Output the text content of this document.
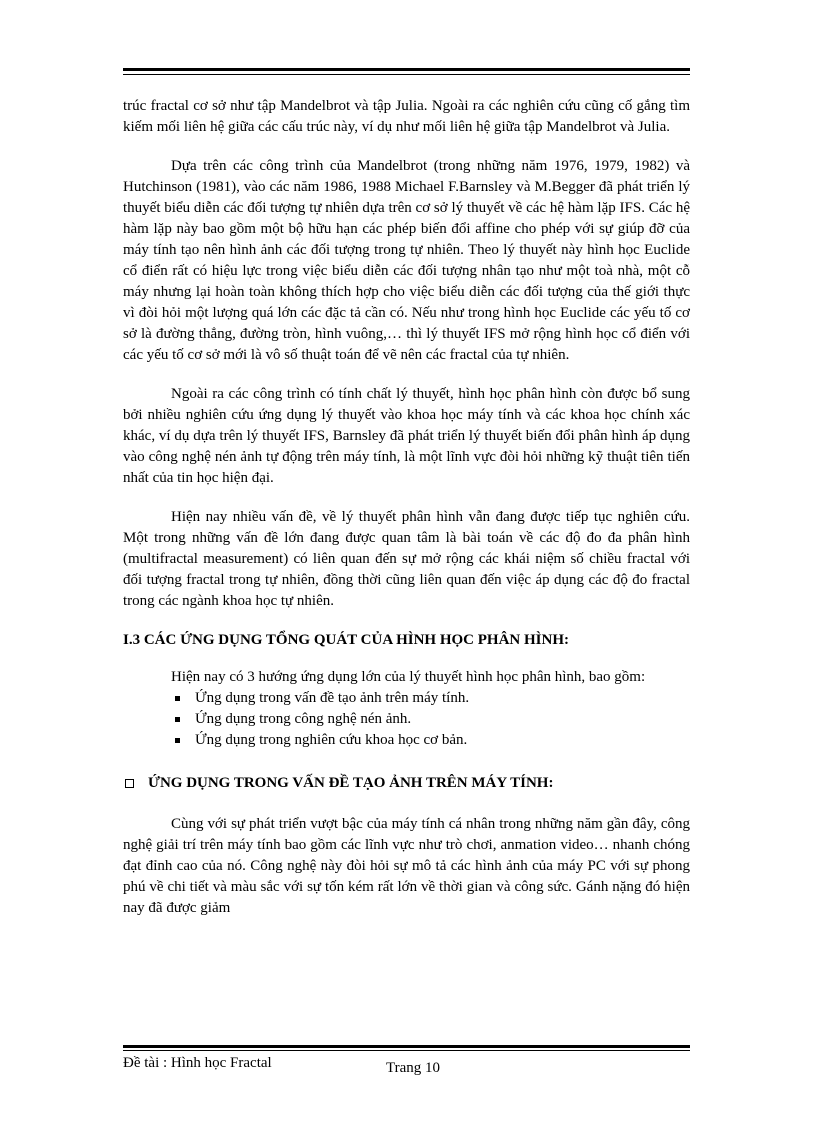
trúc fractal cơ sở như tập Mandelbrot và tập Julia. Ngoài ra các nghiên cứu cũng cố gắng tìm kiếm mối liên hệ giữa các cấu trúc này, ví dụ như mối liên hệ giữa tập Mandelbrot và Julia.

Dựa trên các công trình của Mandelbrot (trong những năm 1976, 1979, 1982) và Hutchinson (1981), vào các năm 1986, 1988 Michael F.Barnsley và M.Begger đã phát triển lý thuyết biểu diễn các đối tượng tự nhiên dựa trên cơ sở lý thuyết về các hệ hàm lặp IFS. Các hệ hàm lặp này bao gồm một bộ hữu hạn các phép biến đổi affine cho phép với sự giúp đỡ của máy tính tạo nên hình ảnh các đối tượng trong tự nhiên. Theo lý thuyết này hình học Euclide cổ điển rất có hiệu lực trong việc biểu diễn các đối tượng nhân tạo như một toà nhà, một cỗ máy nhưng lại hoàn toàn không thích hợp cho việc biểu diễn các đối tượng của thế giới thực vì đòi hỏi một lượng quá lớn các đặc tả cần có. Nếu như trong hình học Euclide các yếu tố cơ sở là đường thẳng, đường tròn, hình vuông,… thì lý thuyết IFS mở rộng hình học cổ điển với các yếu tố cơ sở mới là vô số thuật toán để vẽ nên các fractal của tự nhiên.

Ngoài ra các công trình có tính chất lý thuyết, hình học phân hình còn được bổ sung bởi nhiều nghiên cứu ứng dụng lý thuyết vào khoa học máy tính và các khoa học chính xác khác, ví dụ dựa trên lý thuyết IFS, Barnsley đã phát triển lý thuyết biến đổi phân hình áp dụng vào công nghệ nén ảnh tự động trên máy tính, là một lĩnh vực đòi hỏi những kỹ thuật tiên tiến nhất của tin học hiện đại.

Hiện nay nhiều vấn đề, về lý thuyết phân hình vẫn đang được tiếp tục nghiên cứu. Một trong những vấn đề lớn đang được quan tâm là bài toán về các độ đo đa phân hình (multifractal measurement) có liên quan đến sự mở rộng các khái niệm số chiều fractal với đối tượng fractal trong tự nhiên, đồng thời cũng liên quan đến việc áp dụng các độ đo fractal trong các ngành khoa học tự nhiên.

I.3 CÁC ỨNG DỤNG TỔNG QUÁT CỦA HÌNH HỌC PHÂN HÌNH:

Hiện nay có 3 hướng ứng dụng lớn của lý thuyết hình học phân hình, bao gồm:

Ứng dụng trong vấn đề tạo ảnh trên máy tính.
Ứng dụng trong công nghệ nén ảnh.
Ứng dụng trong nghiên cứu khoa học cơ bản.

ỨNG DỤNG TRONG VẤN ĐỀ TẠO ẢNH TRÊN MÁY TÍNH:

Cùng với sự phát triển vượt bậc của máy tính cá nhân trong những năm gần đây, công nghệ giải trí trên máy tính bao gồm các lĩnh vực như trò chơi, anmation video… nhanh chóng đạt đỉnh cao của nó. Công nghệ này đòi hỏi sự mô tả các hình ảnh của máy PC với sự phong phú về chi tiết và màu sắc với sự tốn kém rất lớn về thời gian và công sức. Gánh nặng đó hiện nay đã được giảm

Đề tài : Hình học Fractal	Trang 10
